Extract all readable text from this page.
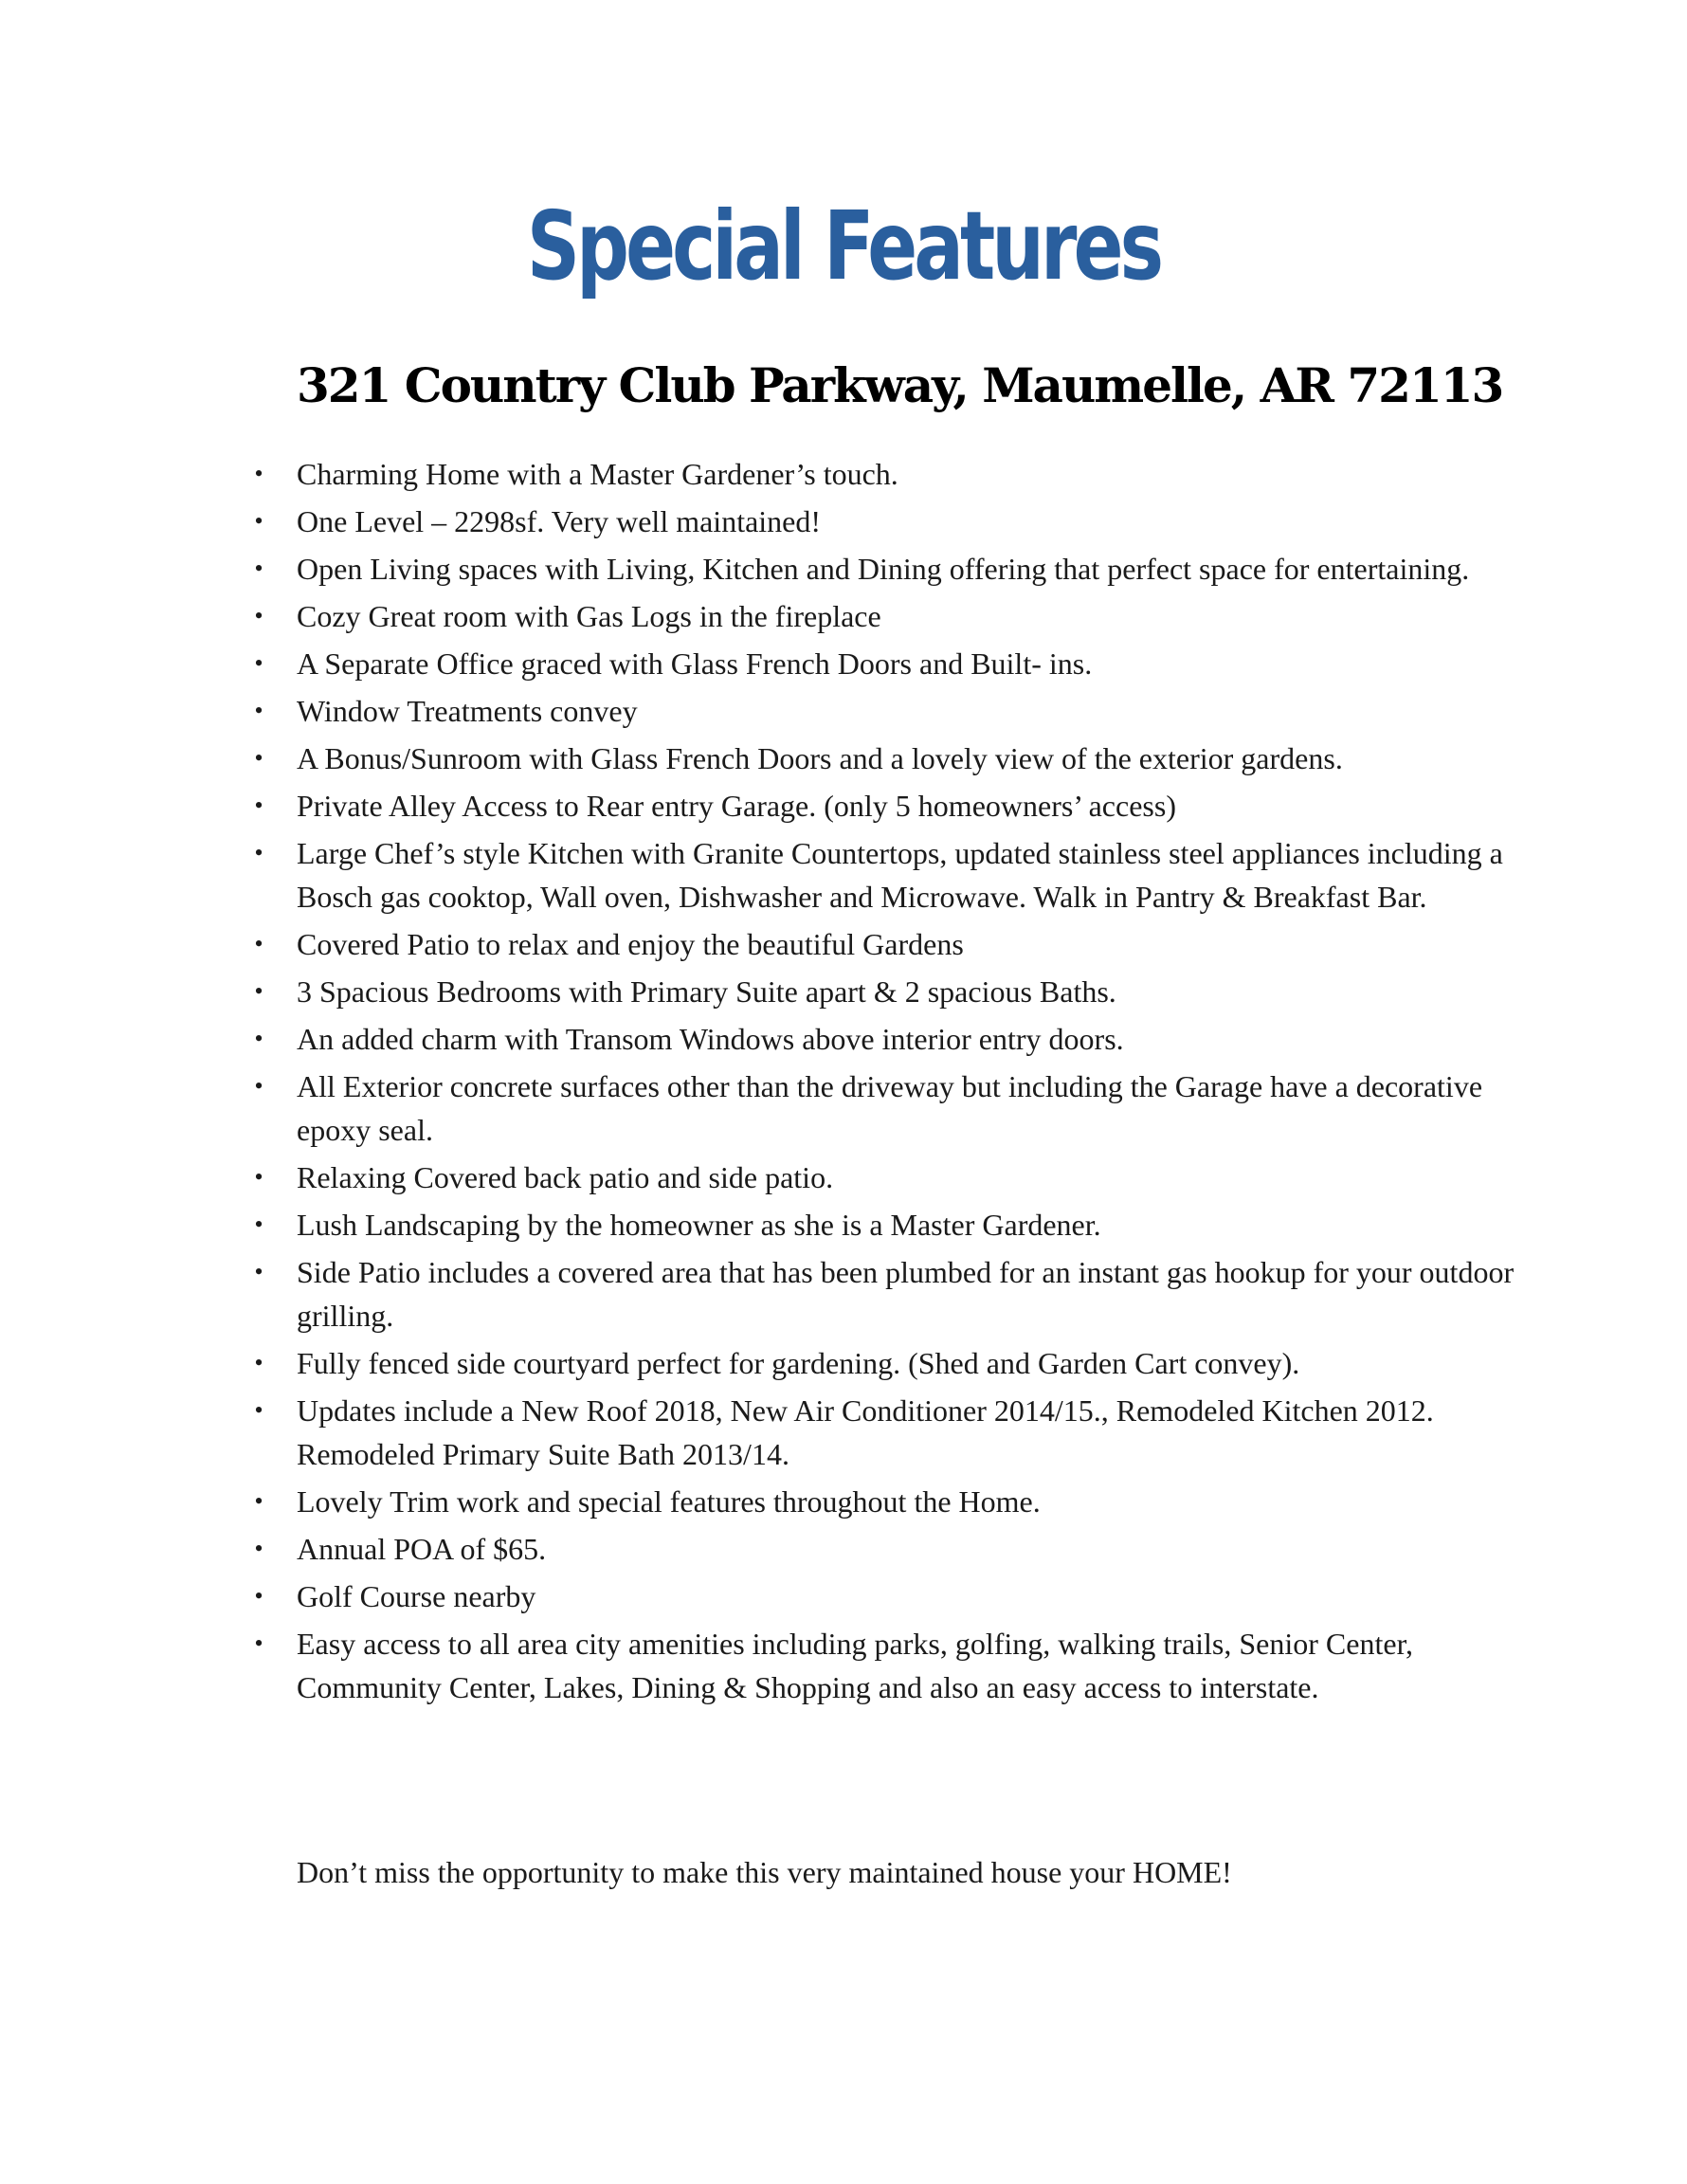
Special Features
321 Country Club Parkway, Maumelle, AR 72113
•	Charming Home with a Master Gardener’s touch.
•	One Level – 2298sf. Very well maintained!
•	Open Living spaces with Living, Kitchen and Dining offering that perfect space for entertaining.
•	Cozy Great room with Gas Logs in the fireplace
•	A Separate Office graced with Glass French Doors and Built- ins.
•	Window Treatments convey
•	A Bonus/Sunroom with Glass French Doors and a lovely view of the exterior gardens.
•	Private Alley Access to Rear entry Garage. (only 5 homeowners’ access)
•	Large Chef’s style Kitchen with Granite Countertops, updated stainless steel appliances including a Bosch gas cooktop, Wall oven, Dishwasher and Microwave. Walk in Pantry & Breakfast Bar.
•	Covered Patio to relax and enjoy the beautiful Gardens
•	3 Spacious Bedrooms with Primary Suite apart & 2 spacious Baths.
•	An added charm with Transom Windows above interior entry doors.
•	All Exterior concrete surfaces other than the driveway but including the Garage have a decorative epoxy seal.
•	Relaxing Covered back patio and side patio.
•	Lush Landscaping by the homeowner as she is a Master Gardener.
•	Side Patio includes a covered area that has been plumbed for an instant gas hookup for your outdoor grilling.
•	Fully fenced side courtyard perfect for gardening. (Shed and Garden Cart convey).
•	Updates include a New Roof 2018, New Air Conditioner 2014/15., Remodeled Kitchen 2012. Remodeled Primary Suite Bath 2013/14.
•	Lovely Trim work and special features throughout the Home.
•	Annual POA of $65.
•	Golf Course nearby
•	Easy access to all area city amenities including parks, golfing, walking trails, Senior Center, Community Center, Lakes, Dining & Shopping and also an easy access to interstate.

Don’t miss the opportunity to make this very maintained house your HOME!
